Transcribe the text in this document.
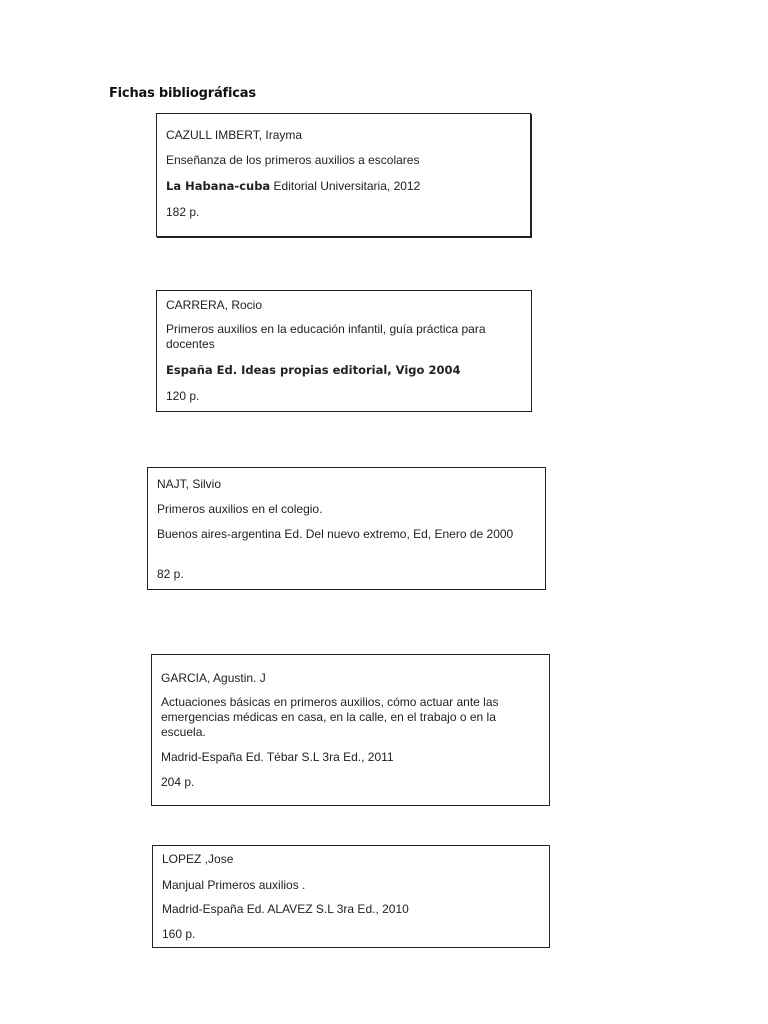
Fichas bibliográficas

CAZULL IMBERT, Irayma

Enseñanza de los primeros auxilios a escolares

La Habana-cuba Editorial Universitaria, 2012

182 p.

CARRERA, Rocio

Primeros auxilios en la educación infantil, guía práctica para docentes

España Ed. Ideas propias editorial, Vigo 2004

120 p.

NAJT, Silvio

Primeros auxilios en el colegio.

Buenos aires-argentina Ed. Del nuevo extremo, Ed, Enero de 2000

82 p.

GARCIA, Agustin. J

Actuaciones básicas en primeros auxilios, cómo actuar ante las emergencias médicas en casa, en la calle, en el trabajo o en la escuela.

Madrid-España Ed. Tébar S.L 3ra Ed., 2011

204 p.

LOPEZ ,Jose

Manjual Primeros auxilios .

Madrid-España Ed. ALAVEZ S.L 3ra Ed., 2010

160 p.
